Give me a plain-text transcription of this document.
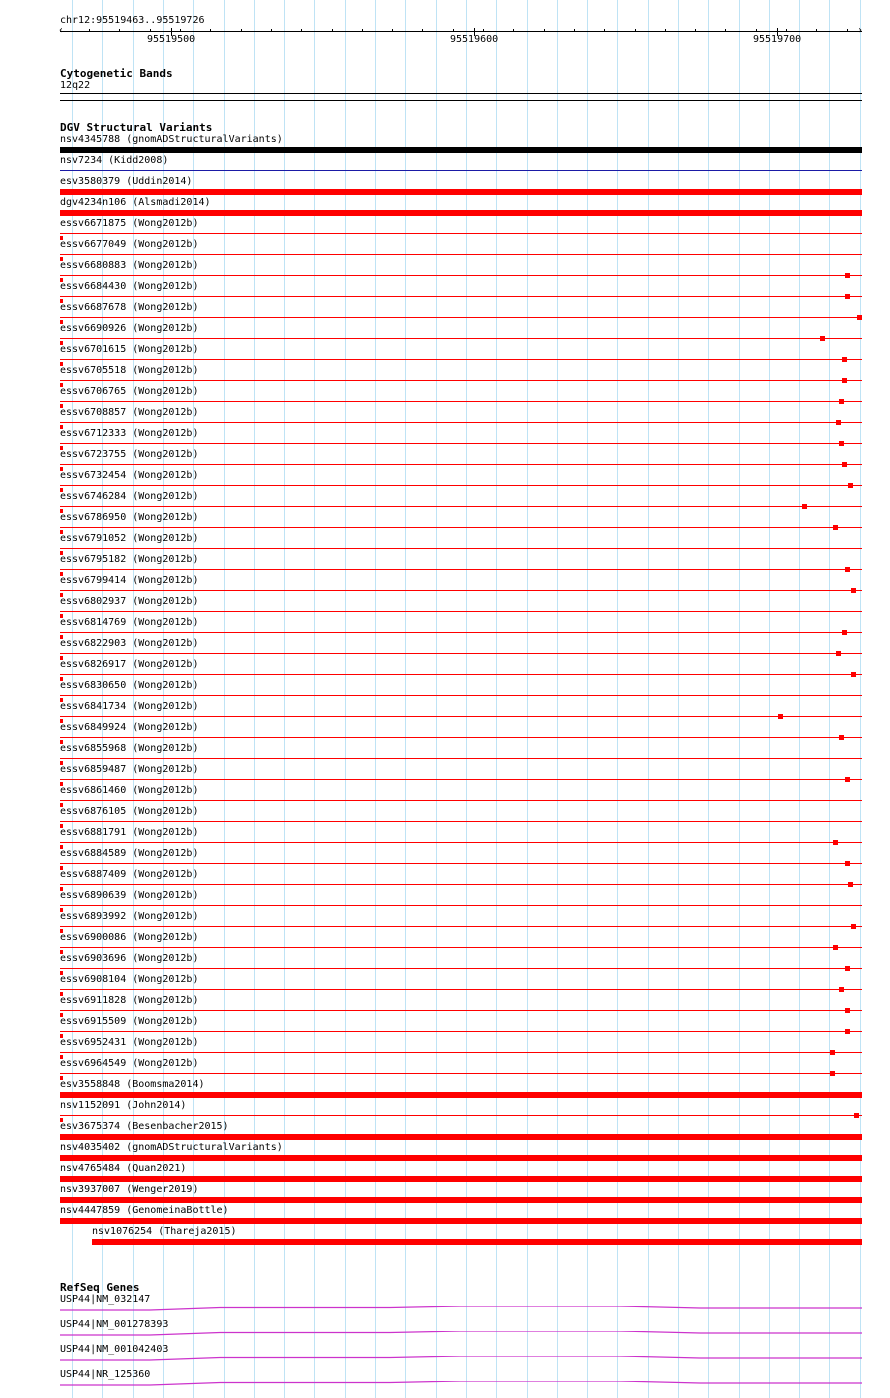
chr12:95519463..95519726
‹	›
95519500	95519600	95519700
Cytogenetic Bands
12q22
DGV Structural Variants
nsv4345788 (gnomADStructuralVariants)
nsv7234 (Kidd2008)
esv3580379 (Uddin2014)
dgv4234n106 (Alsmadi2014)
essv6671875 (Wong2012b)
essv6677049 (Wong2012b)
essv6680883 (Wong2012b)
essv6684430 (Wong2012b)
essv6687678 (Wong2012b)
essv6690926 (Wong2012b)
essv6701615 (Wong2012b)
essv6705518 (Wong2012b)
essv6706765 (Wong2012b)
essv6708857 (Wong2012b)
essv6712333 (Wong2012b)
essv6723755 (Wong2012b)
essv6732454 (Wong2012b)
essv6746284 (Wong2012b)
essv6786950 (Wong2012b)
essv6791052 (Wong2012b)
essv6795182 (Wong2012b)
essv6799414 (Wong2012b)
essv6802937 (Wong2012b)
essv6814769 (Wong2012b)
essv6822903 (Wong2012b)
essv6826917 (Wong2012b)
essv6830650 (Wong2012b)
essv6841734 (Wong2012b)
essv6849924 (Wong2012b)
essv6855968 (Wong2012b)
essv6859487 (Wong2012b)
essv6861460 (Wong2012b)
essv6876105 (Wong2012b)
essv6881791 (Wong2012b)
essv6884589 (Wong2012b)
essv6887409 (Wong2012b)
essv6890639 (Wong2012b)
essv6893992 (Wong2012b)
essv6900086 (Wong2012b)
essv6903696 (Wong2012b)
essv6908104 (Wong2012b)
essv6911828 (Wong2012b)
essv6915509 (Wong2012b)
essv6952431 (Wong2012b)
essv6964549 (Wong2012b)
esv3558848 (Boomsma2014)
nsv1152091 (John2014)
esv3675374 (Besenbacher2015)
nsv4035402 (gnomADStructuralVariants)
nsv4765484 (Quan2021)
nsv3937007 (Wenger2019)
nsv4447859 (GenomeinaBottle)
nsv1076254 (Thareja2015)
RefSeq Genes
USP44|NM_032147
USP44|NM_001278393
USP44|NM_001042403
USP44|NR_125360
